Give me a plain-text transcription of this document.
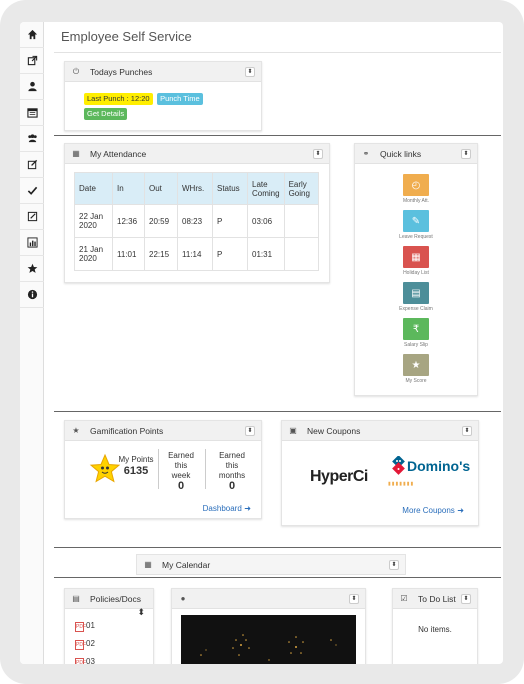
Employee Self Service
⏻ Todays Punches	⬍
Last Punch : 12:20 Punch Time
Get Details
▦ My Attendance	⬍
Date	In	Out	WHrs.	Status	Late Coming	Early Going
22 Jan 2020	12:36	20:59	08:23	P	03:06	
21 Jan 2020	11:01	22:15	11:14	P	01:31	
⚭ Quick links	⬍
◴
Monthly Att.
✎
Leave Request
▦
Holiday List
▤
Expense Claim
₹
Salary Slip
★
My Score
★ Gamification Points	⬍
My Points
6135
Earned this week
0
Earned this months
0
Dashboard ➜
▣ New Coupons	⬍
HyperCi
Domino's
▮▮▮▮▮▮▮
More Coupons ➜
▦ My Calendar	⬍
▤ Policies/Docs
⬍
PDF01
PDF02
PDF03
●	⬍	☑ To Do List	⬍
No items.
